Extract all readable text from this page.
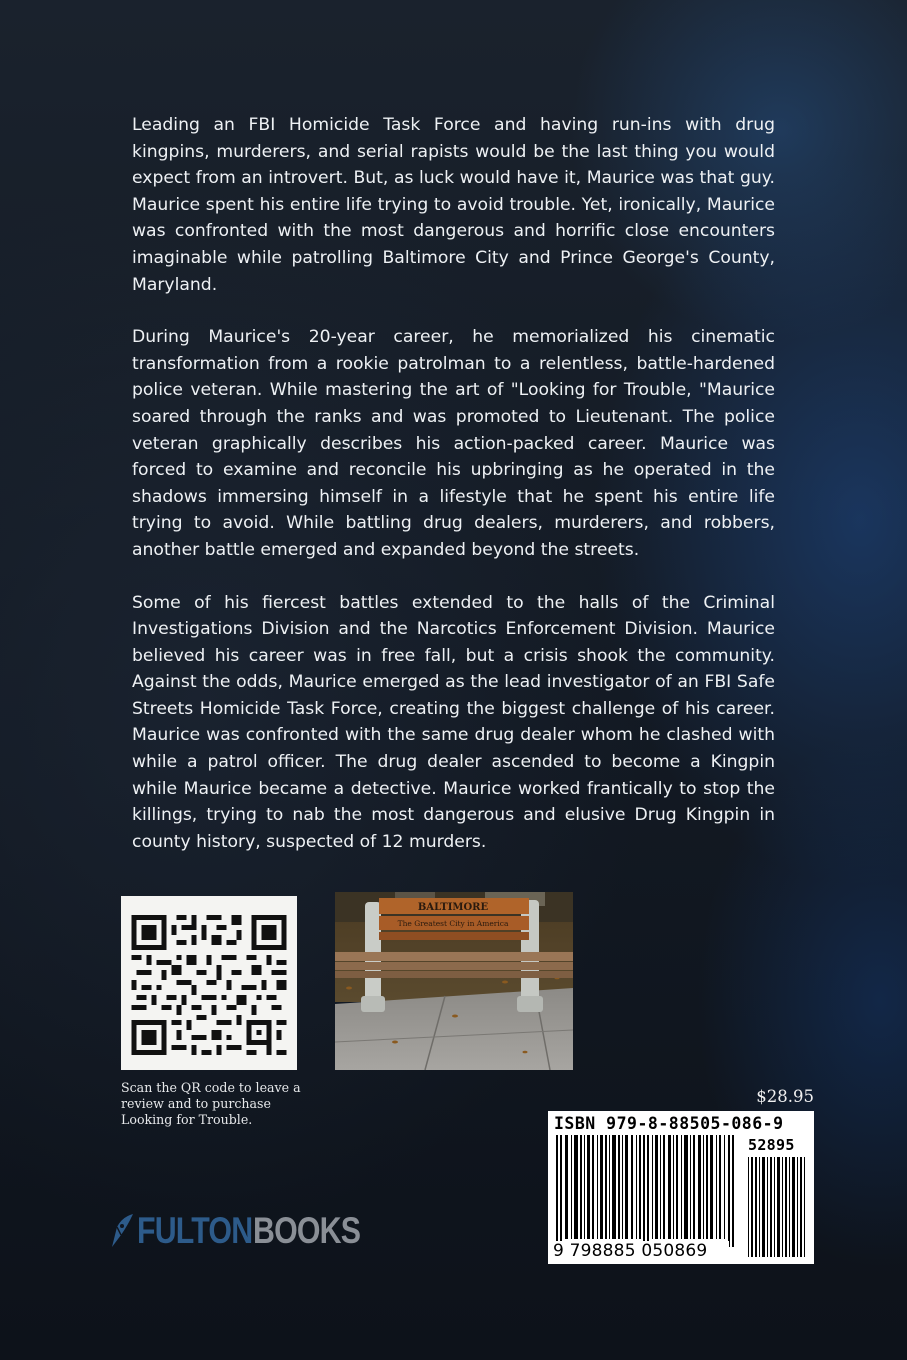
Leading an FBI Homicide Task Force and having run-ins with drug kingpins, murderers, and serial rapists would be the last thing you would expect from an introvert. But, as luck would have it, Maurice was that guy. Maurice spent his entire life trying to avoid trouble. Yet, ironically, Maurice was confronted with the most dangerous and horrific close encounters imaginable while patrolling Baltimore City and Prince George's County, Maryland.

During Maurice's 20-year career, he memorialized his cinematic transformation from a rookie patrolman to a relentless, battle-hardened police veteran. While mastering the art of "Looking for Trouble, "Maurice soared through the ranks and was promoted to Lieutenant. The police veteran graphically describes his action-packed career. Maurice was forced to examine and reconcile his upbringing as he operated in the shadows immersing himself in a lifestyle that he spent his entire life trying to avoid. While battling drug dealers, murderers, and robbers, another battle emerged and expanded beyond the streets.

Some of his fiercest battles extended to the halls of the Criminal Investigations Division and the Narcotics Enforcement Division. Maurice believed his career was in free fall, but a crisis shook the community. Against the odds, Maurice emerged as the lead investigator of an FBI Safe Streets Homicide Task Force, creating the biggest challenge of his career. Maurice was confronted with the same drug dealer whom he clashed with while a patrol officer. The drug dealer ascended to become a Kingpin while Maurice became a detective. Maurice worked frantically to stop the killings, trying to nab the most dangerous and elusive Drug Kingpin in county history, suspected of 12 murders.

Scan the QR code to leave a review and to purchase Looking for Trouble.
BALTIMORE
The Greatest City in America
$28.95
ISBN 979-8-88505-086-9
52895
9 798885 050869
FULTON BOOKS
